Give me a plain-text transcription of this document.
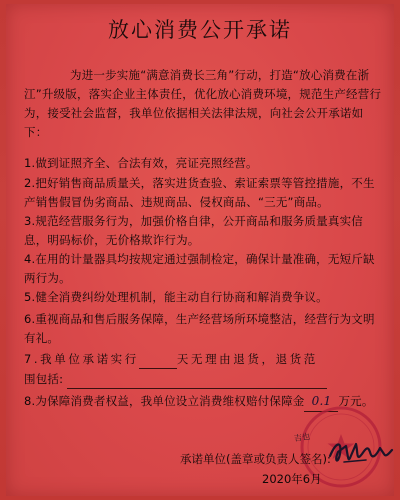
放心消费公开承诺
为进一步实施“满意消费长三角”行动，打造“放心消费在浙江”升级版，落实企业主体责任，优化放心消费环境，规范生产经营行为，接受社会监督，我单位依据相关法律法规，向社会公开承诺如下：
1.做到证照齐全、合法有效，亮证亮照经营。
2.把好销售商品质量关，落实进货查验、索证索票等管控措施，不生产销售假冒伪劣商品、违规商品、侵权商品、“三无”商品。
3.规范经营服务行为，加强价格自律，公开商品和服务质量真实信息，明码标价，无价格欺诈行为。
4.在用的计量器具均按规定通过强制检定，确保计量准确，无短斤缺两行为。
5.健全消费纠纷处理机制，能主动自行协商和解消费争议。
6.重视商品和售后服务保障，生产经营场所环境整洁，经营行为文明有礼。
7.我单位承诺实行	天无理由退货，退货范
围包括:
8.为保障消费者权益，我单位设立消费维权赔付保障金 0.1 万元。
吉也
承诺单位(盖章或负责人签名):
2020年6月
